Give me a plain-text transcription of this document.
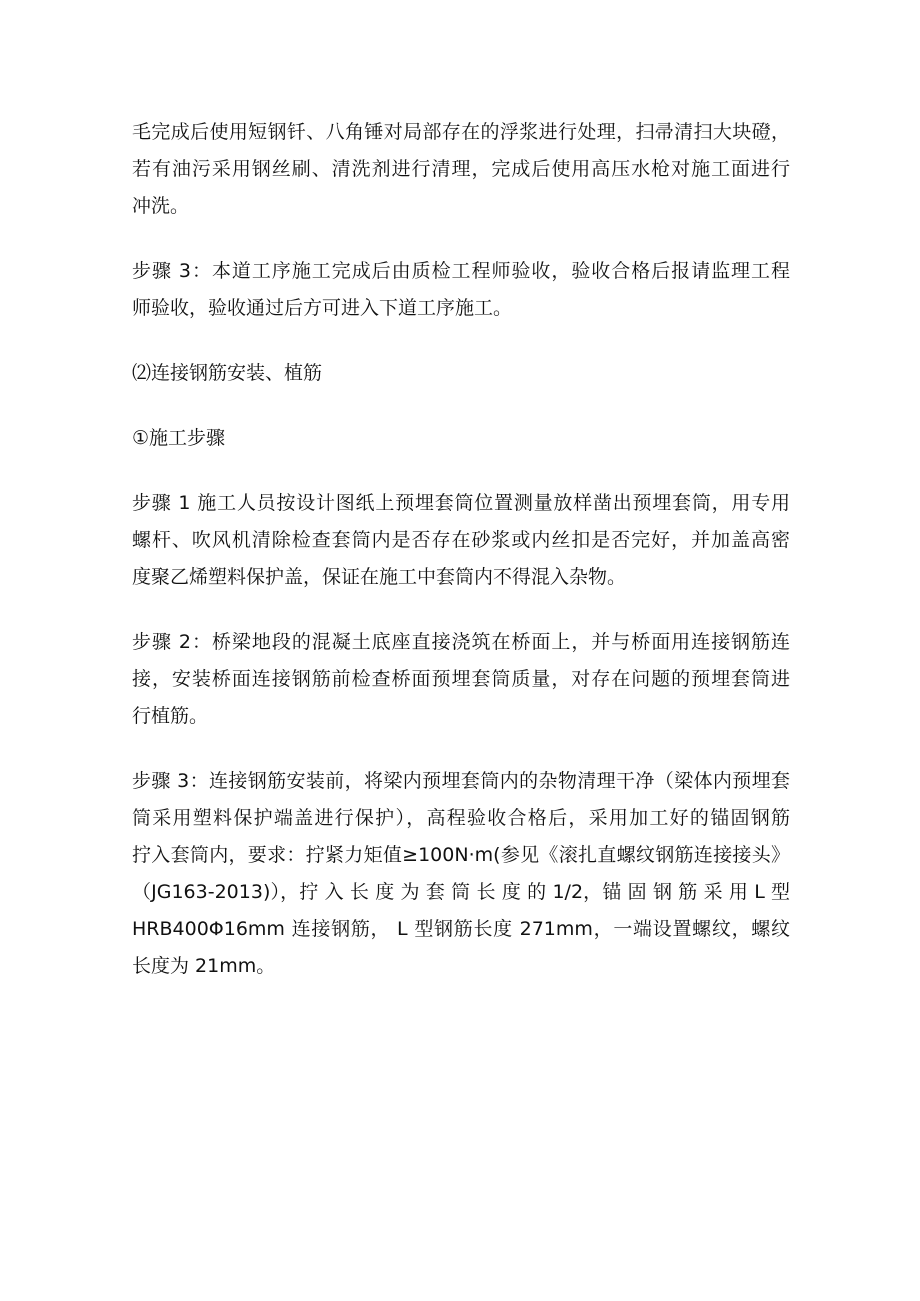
毛完成后使用短钢钎、八角锤对局部存在的浮浆进行处理，扫帚清扫大块磴，
若有油污采用钢丝刷、清洗剂进行清理，完成后使用高压水枪对施工面进行
冲洗。

步骤 3：本道工序施工完成后由质检工程师验收，验收合格后报请监理工程
师验收，验收通过后方可进入下道工序施工。

⑵连接钢筋安装、植筋

①施工步骤

步骤 1 施工人员按设计图纸上预埋套筒位置测量放样凿出预埋套筒，用专用
螺杆、吹风机清除检查套筒内是否存在砂浆或内丝扣是否完好，并加盖高密
度聚乙烯塑料保护盖，保证在施工中套筒内不得混入杂物。

步骤 2：桥梁地段的混凝土底座直接浇筑在桥面上，并与桥面用连接钢筋连
接，安装桥面连接钢筋前检查桥面预埋套筒质量，对存在问题的预埋套筒进
行植筋。

步骤 3：连接钢筋安装前，将梁内预埋套筒内的杂物清理干净（梁体内预埋套
筒采用塑料保护端盖进行保护），高程验收合格后，采用加工好的锚固钢筋
拧入套筒内，要求：拧紧力矩值≥100N·m(参见《滚扎直螺纹钢筋连接接头》
（JG163-2013)），拧 入 长 度 为 套 筒 长 度 的 1/2，锚 固 钢 筋 采 用 L 型
HRB400Φ16mm 连接钢筋， L 型钢筋长度 271mm，一端设置螺纹，螺纹
长度为 21mm。
